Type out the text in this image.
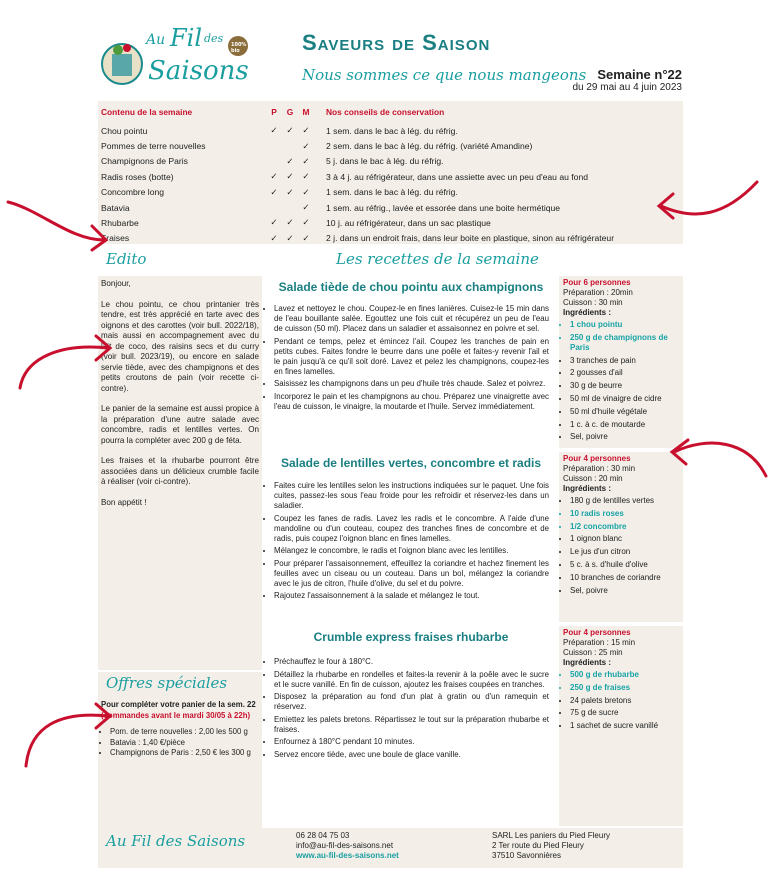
Au Fil des
Saisons
100% bio	Saveurs de Saison
Nous sommes ce que nous mangeons Semaine n°22
du 29 mai au 4 juin 2023
Contenu de la semaine	P	G	M	Nos conseils de conservation
Chou pointu	✓	✓	✓	1 sem. dans le bac à lég. du réfrig.
Pommes de terre nouvelles			✓	2 sem. dans le bac à lég. du réfrig. (variété Amandine)
Champignons de Paris		✓	✓	5 j. dans le bac à lég. du réfrig.
Radis roses (botte)	✓	✓	✓	3 à 4 j. au réfrigérateur, dans une assiette avec un peu d'eau au fond
Concombre long	✓	✓	✓	1 sem. dans le bac à lég. du réfrig.
Batavia			✓	1 sem. au réfrig., lavée et essorée dans une boite hermétique
Rhubarbe	✓	✓	✓	10 j. au réfrigérateur, dans un sac plastique
Fraises	✓	✓	✓	2 j. dans un endroit frais, dans leur boite en plastique, sinon au réfrigérateur
Edito	Les recettes de la semaine

Bonjour,

Le chou pointu, ce chou printanier très tendre, est très apprécié en tarte avec des oignons et des carottes (voir bull. 2022/18), mais aussi en accompagnement avec du lait de coco, des raisins secs et du curry (voir bull. 2023/19), ou encore en salade servie tiède, avec des champignons et des petits croutons de pain (voir recette ci-contre).

Le panier de la semaine est aussi propice à la préparation d'une autre salade avec concombre, radis et lentilles vertes. On pourra la compléter avec 200 g de féta.

Les fraises et la rhubarbe pourront être associées dans un délicieux crumble facile à réaliser (voir ci-contre).

Bon appétit !

Pour compléter votre panier de la sem. 22
(commandes avant le mardi 30/05 à 22h)
• Pom. de terre nouvelles : 2,00 les 500 g
• Batavia : 1,40 €/pièce
• Champignons de Paris : 2,50 € les 300 g
Offres spéciales
Salade tiède de chou pointu aux champignons
• Lavez et nettoyez le chou. Coupez-le en fines lanières. Cuisez-le 15 min dans de l'eau bouillante salée. Egouttez une fois cuit et récupérez un peu de l'eau de cuisson (50 ml). Placez dans un saladier et assaisonnez en poivre et sel.
• Pendant ce temps, pelez et émincez l'ail. Coupez les tranches de pain en petits cubes. Faites fondre le beurre dans une poêle et faites-y revenir l'ail et le pain jusqu'à ce qu'il soit doré. Lavez et pelez les champignons, coupez-les en fines lamelles.
• Saisissez les champignons dans un peu d'huile très chaude. Salez et poivrez.
• Incorporez le pain et les champignons au chou. Préparez une vinaigrette avec l'eau de cuisson, le vinaigre, la moutarde et l'huile. Servez immédiatement.
Salade de lentilles vertes, concombre et radis
• Faites cuire les lentilles selon les instructions indiquées sur le paquet. Une fois cuites, passez-les sous l'eau froide pour les refroidir et réservez-les dans un saladier.
• Coupez les fanes de radis. Lavez les radis et le concombre. A l'aide d'une mandoline ou d'un couteau, coupez des tranches fines de concombre et de radis, puis coupez l'oignon blanc en fines lamelles.
• Mélangez le concombre, le radis et l'oignon blanc avec les lentilles.
• Pour préparer l'assaisonnement, effeuillez la coriandre et hachez finement les feuilles avec un ciseau ou un couteau. Dans un bol, mélangez la coriandre avec le jus de citron, l'huile d'olive, du sel et du poivre.
• Rajoutez l'assaisonnement à la salade et mélangez le tout.
Crumble express fraises rhubarbe
• Préchauffez le four à 180°C.
• Détaillez la rhubarbe en rondelles et faites-la revenir à la poêle avec le sucre et le sucre vanillé. En fin de cuisson, ajoutez les fraises coupées en tranches.
• Disposez la préparation au fond d'un plat à gratin ou d'un ramequin et réservez.
• Emiettez les palets bretons. Répartissez le tout sur la préparation rhubarbe et fraises.
• Enfournez à 180°C pendant 10 minutes.
• Servez encore tiède, avec une boule de glace vanille.
Pour 6 personnes
Préparation : 20min
Cuisson : 30 min
Ingrédients :
• 1 chou pointu
• 250 g de champignons de Paris
• 3 tranches de pain
• 2 gousses d'ail
• 30 g de beurre
• 50 ml de vinaigre de cidre
• 50 ml d'huile végétale
• 1 c. à c. de moutarde
• Sel, poivre
Pour 4 personnes
Préparation : 30 min
Cuisson : 20 min
Ingrédients :
• 180 g de lentilles vertes
• 10 radis roses
• 1/2 concombre
• 1 oignon blanc
• Le jus d'un citron
• 5 c. à s. d'huile d'olive
• 10 branches de coriandre
• Sel, poivre
Pour 4 personnes
Préparation : 15 min
Cuisson : 25 min
Ingrédients :
• 500 g de rhubarbe
• 250 g de fraises
• 24 palets bretons
• 75 g de sucre
• 1 sachet de sucre vanillé
Au Fil des Saisons	06 28 04 75 03
info@au-fil-des-saisons.net
www.au-fil-des-saisons.net
SARL Les paniers du Pied Fleury
2 Ter route du Pied Fleury
37510 Savonnières
